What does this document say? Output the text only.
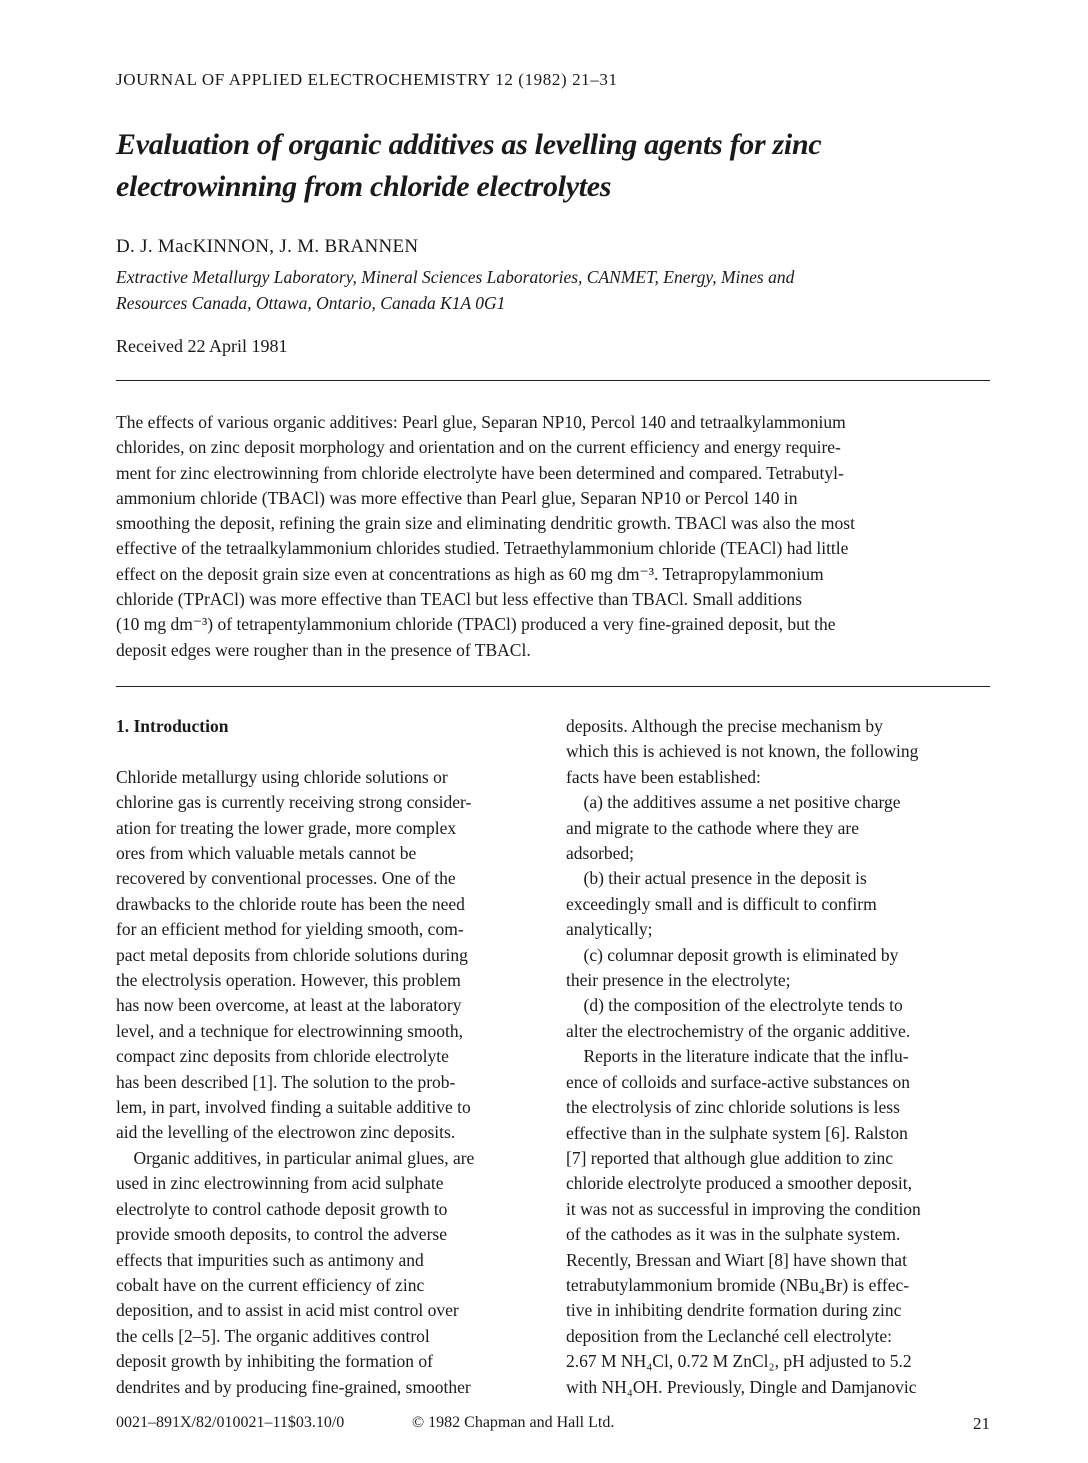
JOURNAL OF APPLIED ELECTROCHEMISTRY 12 (1982) 21–31
Evaluation of organic additives as levelling agents for zinc
electrowinning from chloride electrolytes
D. J. MacKINNON, J. M. BRANNEN
Extractive Metallurgy Laboratory, Mineral Sciences Laboratories, CANMET, Energy, Mines and
Resources Canada, Ottawa, Ontario, Canada K1A 0G1
Received 22 April 1981
The effects of various organic additives: Pearl glue, Separan NP10, Percol 140 and tetraalkylammonium
chlorides, on zinc deposit morphology and orientation and on the current efficiency and energy require-
ment for zinc electrowinning from chloride electrolyte have been determined and compared. Tetrabutyl-
ammonium chloride (TBACl) was more effective than Pearl glue, Separan NP10 or Percol 140 in
smoothing the deposit, refining the grain size and eliminating dendritic growth. TBACl was also the most
effective of the tetraalkylammonium chlorides studied. Tetraethylammonium chloride (TEACl) had little
effect on the deposit grain size even at concentrations as high as 60 mg dm⁻³. Tetrapropylammonium
chloride (TPrACl) was more effective than TEACl but less effective than TBACl. Small additions
(10 mg dm⁻³) of tetrapentylammonium chloride (TPACl) produced a very fine-grained deposit, but the
deposit edges were rougher than in the presence of TBACl.
1. Introduction
Chloride metallurgy using chloride solutions or
chlorine gas is currently receiving strong consider-
ation for treating the lower grade, more complex
ores from which valuable metals cannot be
recovered by conventional processes. One of the
drawbacks to the chloride route has been the need
for an efficient method for yielding smooth, com-
pact metal deposits from chloride solutions during
the electrolysis operation. However, this problem
has now been overcome, at least at the laboratory
level, and a technique for electrowinning smooth,
compact zinc deposits from chloride electrolyte
has been described [1]. The solution to the prob-
lem, in part, involved finding a suitable additive to
aid the levelling of the electrowon zinc deposits.
Organic additives, in particular animal glues, are
used in zinc electrowinning from acid sulphate
electrolyte to control cathode deposit growth to
provide smooth deposits, to control the adverse
effects that impurities such as antimony and
cobalt have on the current efficiency of zinc
deposition, and to assist in acid mist control over
the cells [2–5]. The organic additives control
deposit growth by inhibiting the formation of
dendrites and by producing fine-grained, smoother
deposits. Although the precise mechanism by
which this is achieved is not known, the following
facts have been established:
(a) the additives assume a net positive charge
and migrate to the cathode where they are
adsorbed;
(b) their actual presence in the deposit is
exceedingly small and is difficult to confirm
analytically;
(c) columnar deposit growth is eliminated by
their presence in the electrolyte;
(d) the composition of the electrolyte tends to
alter the electrochemistry of the organic additive.
Reports in the literature indicate that the influ-
ence of colloids and surface-active substances on
the electrolysis of zinc chloride solutions is less
effective than in the sulphate system [6]. Ralston
[7] reported that although glue addition to zinc
chloride electrolyte produced a smoother deposit,
it was not as successful in improving the condition
of the cathodes as it was in the sulphate system.
Recently, Bressan and Wiart [8] have shown that
tetrabutylammonium bromide (NBu₄Br) is effec-
tive in inhibiting dendrite formation during zinc
deposition from the Leclanché cell electrolyte:
2.67 M NH₄Cl, 0.72 M ZnCl₂, pH adjusted to 5.2
with NH₄OH. Previously, Dingle and Damjanovic
0021–891X/82/010021–11$03.10/0	© 1982 Chapman and Hall Ltd.	21
